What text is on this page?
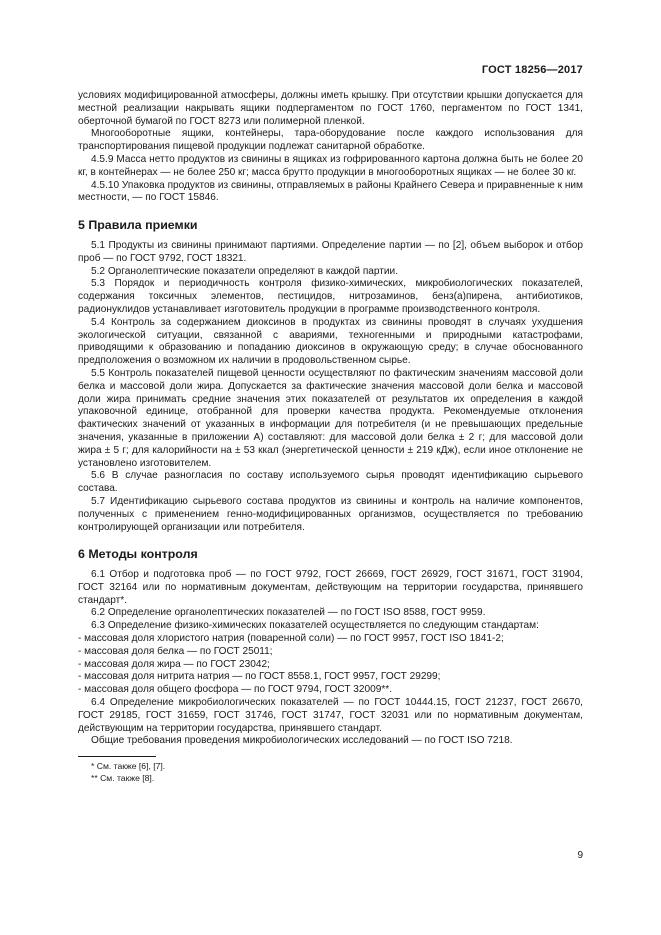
ГОСТ 18256—2017

условиях модифицированной атмосферы, должны иметь крышку. При отсутствии крышки допускается для местной реализации накрывать ящики подпергаментом по ГОСТ 1760, пергаментом по ГОСТ 1341, оберточной бумагой по ГОСТ 8273 или полимерной пленкой.

Многооборотные ящики, контейнеры, тара-оборудование после каждого использования для транспортирования пищевой продукции подлежат санитарной обработке.

4.5.9 Масса нетто продуктов из свинины в ящиках из гофрированного картона должна быть не более 20 кг, в контейнерах — не более 250 кг; масса брутто продукции в многооборотных ящиках — не более 30 кг.

4.5.10 Упаковка продуктов из свинины, отправляемых в районы Крайнего Севера и приравненные к ним местности, — по ГОСТ 15846.

5 Правила приемки

5.1 Продукты из свинины принимают партиями. Определение партии — по [2], объем выборок и отбор проб — по ГОСТ 9792, ГОСТ 18321.

5.2 Органолептические показатели определяют в каждой партии.

5.3 Порядок и периодичность контроля физико-химических, микробиологических показателей, содержания токсичных элементов, пестицидов, нитрозаминов, бенз(а)пирена, антибиотиков, радионуклидов устанавливает изготовитель продукции в программе производственного контроля.

5.4 Контроль за содержанием диоксинов в продуктах из свинины проводят в случаях ухудшения экологической ситуации, связанной с авариями, техногенными и природными катастрофами, приводящими к образованию и попаданию диоксинов в окружающую среду; в случае обоснованного предположения о возможном их наличии в продовольственном сырье.

5.5 Контроль показателей пищевой ценности осуществляют по фактическим значениям массовой доли белка и массовой доли жира. Допускается за фактические значения массовой доли белка и массовой доли жира принимать средние значения этих показателей от результатов их определения в каждой упаковочной единице, отобранной для проверки качества продукта. Рекомендуемые отклонения фактических значений от указанных в информации для потребителя (и не превышающих предельные значения, указанные в приложении А) составляют: для массовой доли белка ± 2 г; для массовой доли жира ± 5 г; для калорийности на ± 53 ккал (энергетической ценности ± 219 кДж), если иное отклонение не установлено изготовителем.

5.6 В случае разногласия по составу используемого сырья проводят идентификацию сырьевого состава.

5.7 Идентификацию сырьевого состава продуктов из свинины и контроль на наличие компонентов, полученных с применением генно-модифицированных организмов, осуществляется по требованию контролирующей организации или потребителя.

6 Методы контроля

6.1 Отбор и подготовка проб — по ГОСТ 9792, ГОСТ 26669, ГОСТ 26929, ГОСТ 31671, ГОСТ 31904, ГОСТ 32164 или по нормативным документам, действующим на территории государства, принявшего стандарт*.

6.2 Определение органолептических показателей — по ГОСТ ISO 8588, ГОСТ 9959.

6.3 Определение физико-химических показателей осуществляется по следующим стандартам:

- массовая доля хлористого натрия (поваренной соли) — по ГОСТ 9957, ГОСТ ISO 1841-2;

- массовая доля белка — по ГОСТ 25011;

- массовая доля жира — по ГОСТ 23042;

- массовая доля нитрита натрия — по ГОСТ 8558.1, ГОСТ 9957, ГОСТ 29299;

- массовая доля общего фосфора — по ГОСТ 9794, ГОСТ 32009**.

6.4 Определение микробиологических показателей — по ГОСТ 10444.15, ГОСТ 21237, ГОСТ 26670, ГОСТ 29185, ГОСТ 31659, ГОСТ 31746, ГОСТ 31747, ГОСТ 32031 или по нормативным документам, действующим на территории государства, принявшего стандарт.

Общие требования проведения микробиологических исследований — по ГОСТ ISO 7218.

* См. также [6], [7].

** См. также [8].

9
